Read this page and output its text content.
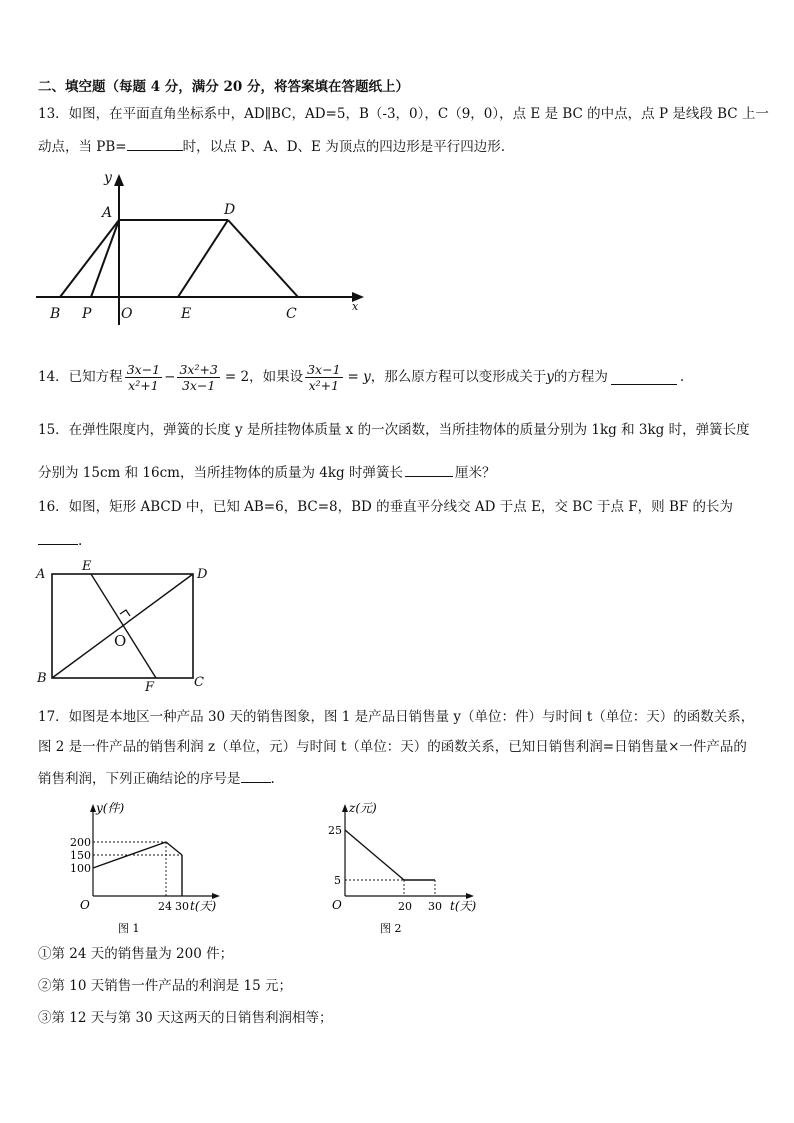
二、填空题（每题 4 分，满分 20 分，将答案填在答题纸上）
13．如图，在平面直角坐标系中，AD∥BC，AD=5，B（-3，0），C（9，0），点 E 是 BC 的中点，点 P 是线段 BC 上一
动点，当 PB=	时，以点 P、A、D、E 为顶点的四边形是平行四边形.
y
x
A	D
B P O	E	C
14．已知方程 $\frac{3x-1}{\text{x²+1}} - \frac{\text{3x²+3}}{3x-1} = 2$ ，如果设 $\frac{3x-1}{\text{x²+1}} = y$ ，那么原方程可以变形成关于 y 的方程为	.
15．在弹性限度内，弹簧的长度 y 是所挂物体质量 x 的一次函数，当所挂物体的质量分别为 1kg 和 3kg 时，弹簧长度
分别为 15cm 和 16cm，当所挂物体的质量为 4kg 时弹簧长	厘米？
16．如图，矩形 ABCD 中，已知 AB=6，BC=8，BD 的垂直平分线交 AD 于点 E，交 BC 于点 F，则 BF 的长为
.
A
E
D
O
B
F	C
17．如图是本地区一种产品 30 天的销售图象，图 1 是产品日销售量 y（单位：件）与时间 t（单位：天）的函数关系，
图 2 是一件产品的销售利润 z（单位，元）与时间 t（单位：天）的函数关系，已知日销售利润=日销售量×一件产品的
销售利润，下列正确结论的序号是 .
y(件)
200
150
100
O	24 30 t(天)
图 1
z(元)
25
5
O	20 30 t(天)
图 2
①第 24 天的销售量为 200 件；
②第 10 天销售一件产品的利润是 15 元；
③第 12 天与第 30 天这两天的日销售利润相等；
